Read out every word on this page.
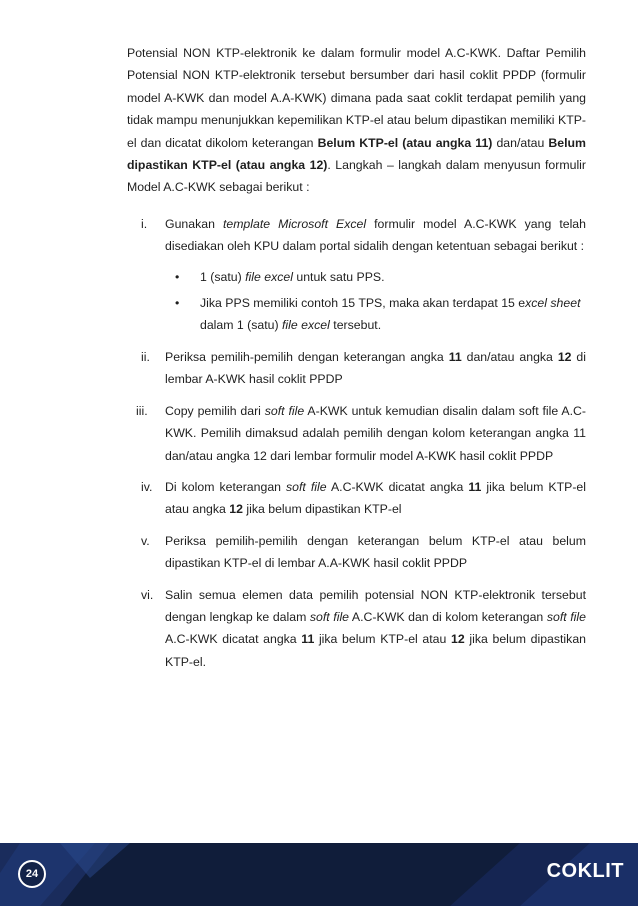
Potensial NON KTP-elektronik ke dalam formulir model A.C-KWK. Daftar Pemilih Potensial NON KTP-elektronik tersebut bersumber dari hasil coklit PPDP (formulir model A-KWK dan model A.A-KWK) dimana pada saat coklit terdapat pemilih yang tidak mampu menunjukkan kepemilikan KTP-el atau belum dipastikan memiliki KTP-el dan dicatat dikolom keterangan Belum KTP-el (atau angka 11) dan/atau Belum dipastikan KTP-el (atau angka 12). Langkah – langkah dalam menyusun formulir Model A.C-KWK sebagai berikut :

i.	Gunakan template Microsoft Excel formulir model A.C-KWK yang telah disediakan oleh KPU dalam portal sidalih dengan ketentuan sebagai berikut :
• 1 (satu) file excel untuk satu PPS.
• Jika PPS memiliki contoh 15 TPS, maka akan terdapat 15 excel sheet dalam 1 (satu) file excel tersebut.
ii.	Periksa pemilih-pemilih dengan keterangan angka 11 dan/atau angka 12 di lembar A-KWK hasil coklit PPDP
iii.	Copy pemilih dari soft file A-KWK untuk kemudian disalin dalam soft file A.C-KWK. Pemilih dimaksud adalah pemilih dengan kolom keterangan angka 11 dan/atau angka 12 dari lembar formulir model A-KWK hasil coklit PPDP
iv.	Di kolom keterangan soft file A.C-KWK dicatat angka 11 jika belum KTP-el atau angka 12 jika belum dipastikan KTP-el
v.	Periksa pemilih-pemilih dengan keterangan belum KTP-el atau belum dipastikan KTP-el di lembar A.A-KWK hasil coklit PPDP
vi. Salin semua elemen data pemilih potensial NON KTP-elektronik tersebut dengan lengkap ke dalam soft file A.C-KWK dan di kolom keterangan soft file A.C-KWK dicatat angka 11 jika belum KTP-el atau 12 jika belum dipastikan KTP-el.
24	COKLIT
